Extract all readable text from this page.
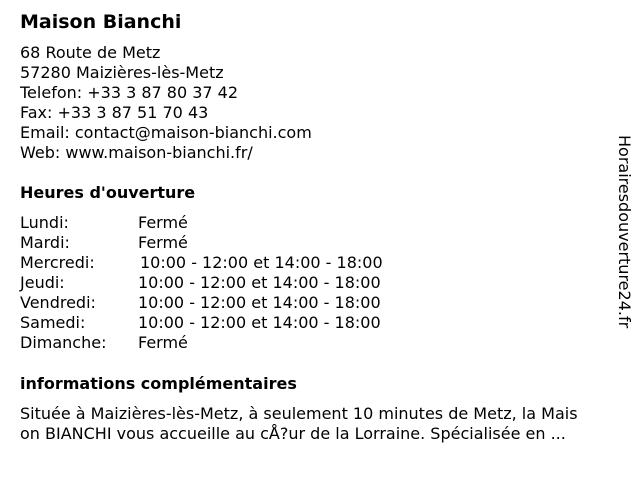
Maison Bianchi
68 Route de Metz
57280 Maizières-lès-Metz
Telefon: +33 3 87 80 37 42
Fax: +33 3 87 51 70 43
Email: contact@maison-bianchi.com
Web: www.maison-bianchi.fr/
Heures d'ouverture
Lundi:	Fermé
Mardi:	Fermé
Mercredi:	10:00 - 12:00 et 14:00 - 18:00
Jeudi:	10:00 - 12:00 et 14:00 - 18:00
Vendredi:	10:00 - 12:00 et 14:00 - 18:00
Samedi:	10:00 - 12:00 et 14:00 - 18:00
Dimanche: Fermé
informations complémentaires
Située à Maizières-lès-Metz, à seulement 10 minutes de Metz, la Mais
on BIANCHI vous accueille au cÅ?ur de la Lorraine. Spécialisée en ...
Horairesdouverture24.fr
